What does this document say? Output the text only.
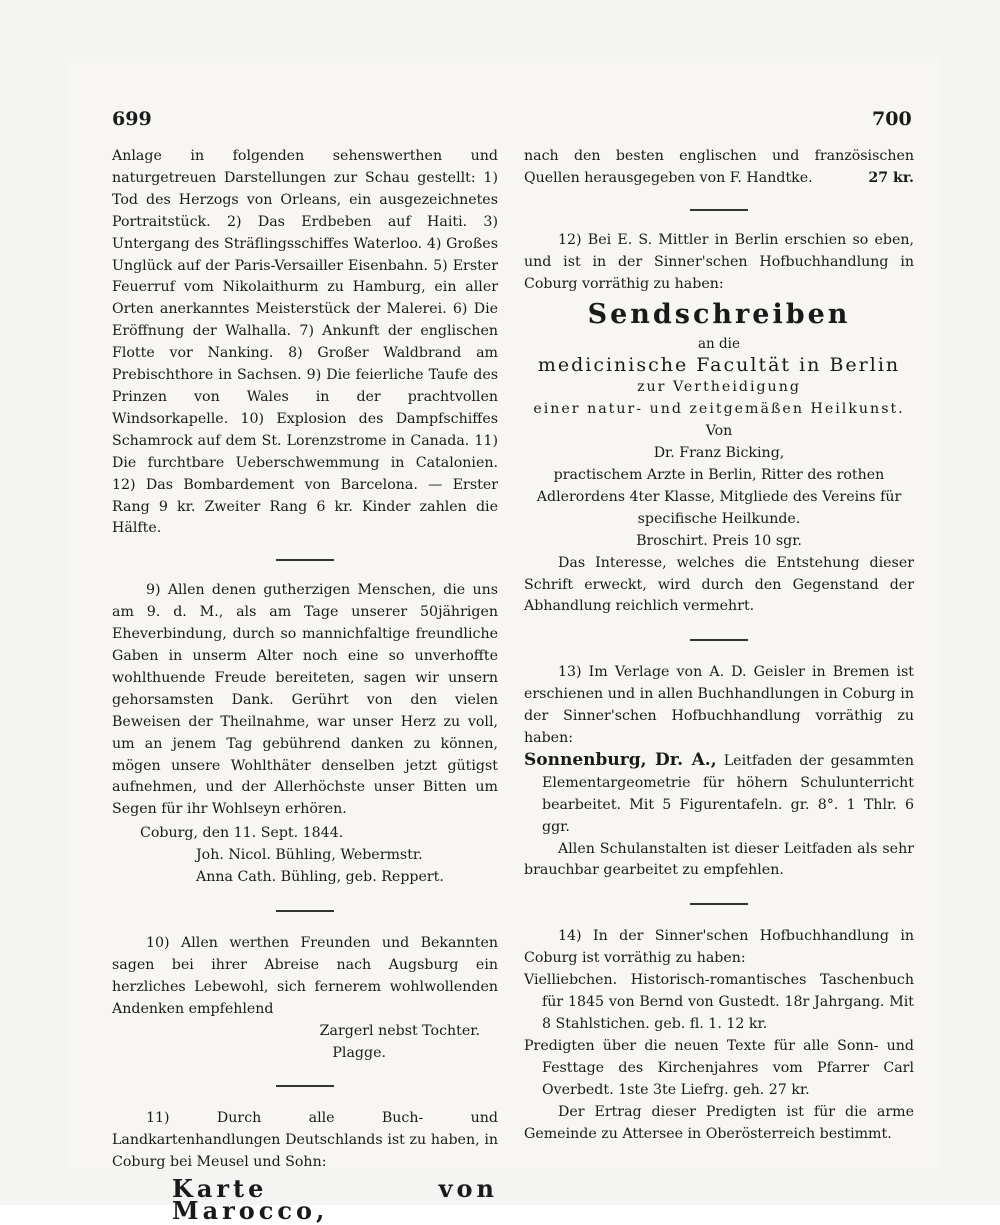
699	700

Anlage in folgenden sehenswerthen und naturgetreuen Darstellungen zur Schau gestellt: 1) Tod des Herzogs von Orleans, ein ausgezeichnetes Portraitstück. 2) Das Erdbeben auf Haiti. 3) Untergang des Sträflingsschiffes Waterloo. 4) Großes Unglück auf der Paris-Versailler Eisenbahn. 5) Erster Feuerruf vom Nikolaithurm zu Hamburg, ein aller Orten anerkanntes Meisterstück der Malerei. 6) Die Eröffnung der Walhalla. 7) Ankunft der englischen Flotte vor Nanking. 8) Großer Waldbrand am Prebischthore in Sachsen. 9) Die feierliche Taufe des Prinzen von Wales in der prachtvollen Windsorkapelle. 10) Explosion des Dampfschiffes Schamrock auf dem St. Lorenzstrome in Canada. 11) Die furchtbare Ueberschwemmung in Catalonien. 12) Das Bombardement von Barcelona. — Erster Rang 9 kr. Zweiter Rang 6 kr. Kinder zahlen die Hälfte.

9) Allen denen gutherzigen Menschen, die uns am 9. d. M., als am Tage unserer 50jährigen Eheverbindung, durch so mannichfaltige freundliche Gaben in unserm Alter noch eine so unverhoffte wohlthuende Freude bereiteten, sagen wir unsern gehorsamsten Dank. Gerührt von den vielen Beweisen der Theilnahme, war unser Herz zu voll, um an jenem Tag gebührend danken zu können, mögen unsere Wohlthäter denselben jetzt gütigst aufnehmen, und der Allerhöchste unser Bitten um Segen für ihr Wohlseyn erhören.

Coburg, den 11. Sept. 1844.

Joh. Nicol. Bühling, Webermstr.

Anna Cath. Bühling, geb. Reppert.

10) Allen werthen Freunden und Bekannten sagen bei ihrer Abreise nach Augsburg ein herzliches Lebewohl, sich fernerem wohlwollenden Andenken empfehlend

Zargerl nebst Tochter.

Plagge.

11) Durch alle Buch- und Landkartenhandlungen Deutschlands ist zu haben, in Coburg bei Meusel und Sohn:

Karte von Marocco,

nach den besten englischen und französischen Quellen herausgegeben von F. Handtke.	27 kr.

12) Bei E. S. Mittler in Berlin erschien so eben, und ist in der Sinner'schen Hofbuchhandlung in Coburg vorräthig zu haben:

Sendschreiben

an die

medicinische Facultät in Berlin

zur Vertheidigung

einer natur- und zeitgemäßen Heilkunst.

Von

Dr. Franz Bicking,

practischem Arzte in Berlin, Ritter des rothen Adlerordens 4ter Klasse, Mitgliede des Vereins für specifische Heilkunde.

Broschirt. Preis 10 sgr.

Das Interesse, welches die Entstehung dieser Schrift erweckt, wird durch den Gegenstand der Abhandlung reichlich vermehrt.

13) Im Verlage von A. D. Geisler in Bremen ist erschienen und in allen Buchhandlungen in Coburg in der Sinner'schen Hofbuchhandlung vorräthig zu haben:

Sonnenburg, Dr. A., Leitfaden der gesammten Elementargeometrie für höhern Schulunterricht bearbeitet. Mit 5 Figurentafeln. gr. 8°. 1 Thlr. 6 ggr.

Allen Schulanstalten ist dieser Leitfaden als sehr brauchbar gearbeitet zu empfehlen.

14) In der Sinner'schen Hofbuchhandlung in Coburg ist vorräthig zu haben:

Vielliebchen. Historisch-romantisches Taschenbuch für 1845 von Bernd von Gustedt. 18r Jahrgang. Mit 8 Stahlstichen. geb. fl. 1. 12 kr.

Predigten über die neuen Texte für alle Sonn- und Festtage des Kirchenjahres vom Pfarrer Carl Overbedt. 1ste 3te Liefrg. geh. 27 kr.

Der Ertrag dieser Predigten ist für die arme Gemeinde zu Attersee in Oberösterreich bestimmt.
